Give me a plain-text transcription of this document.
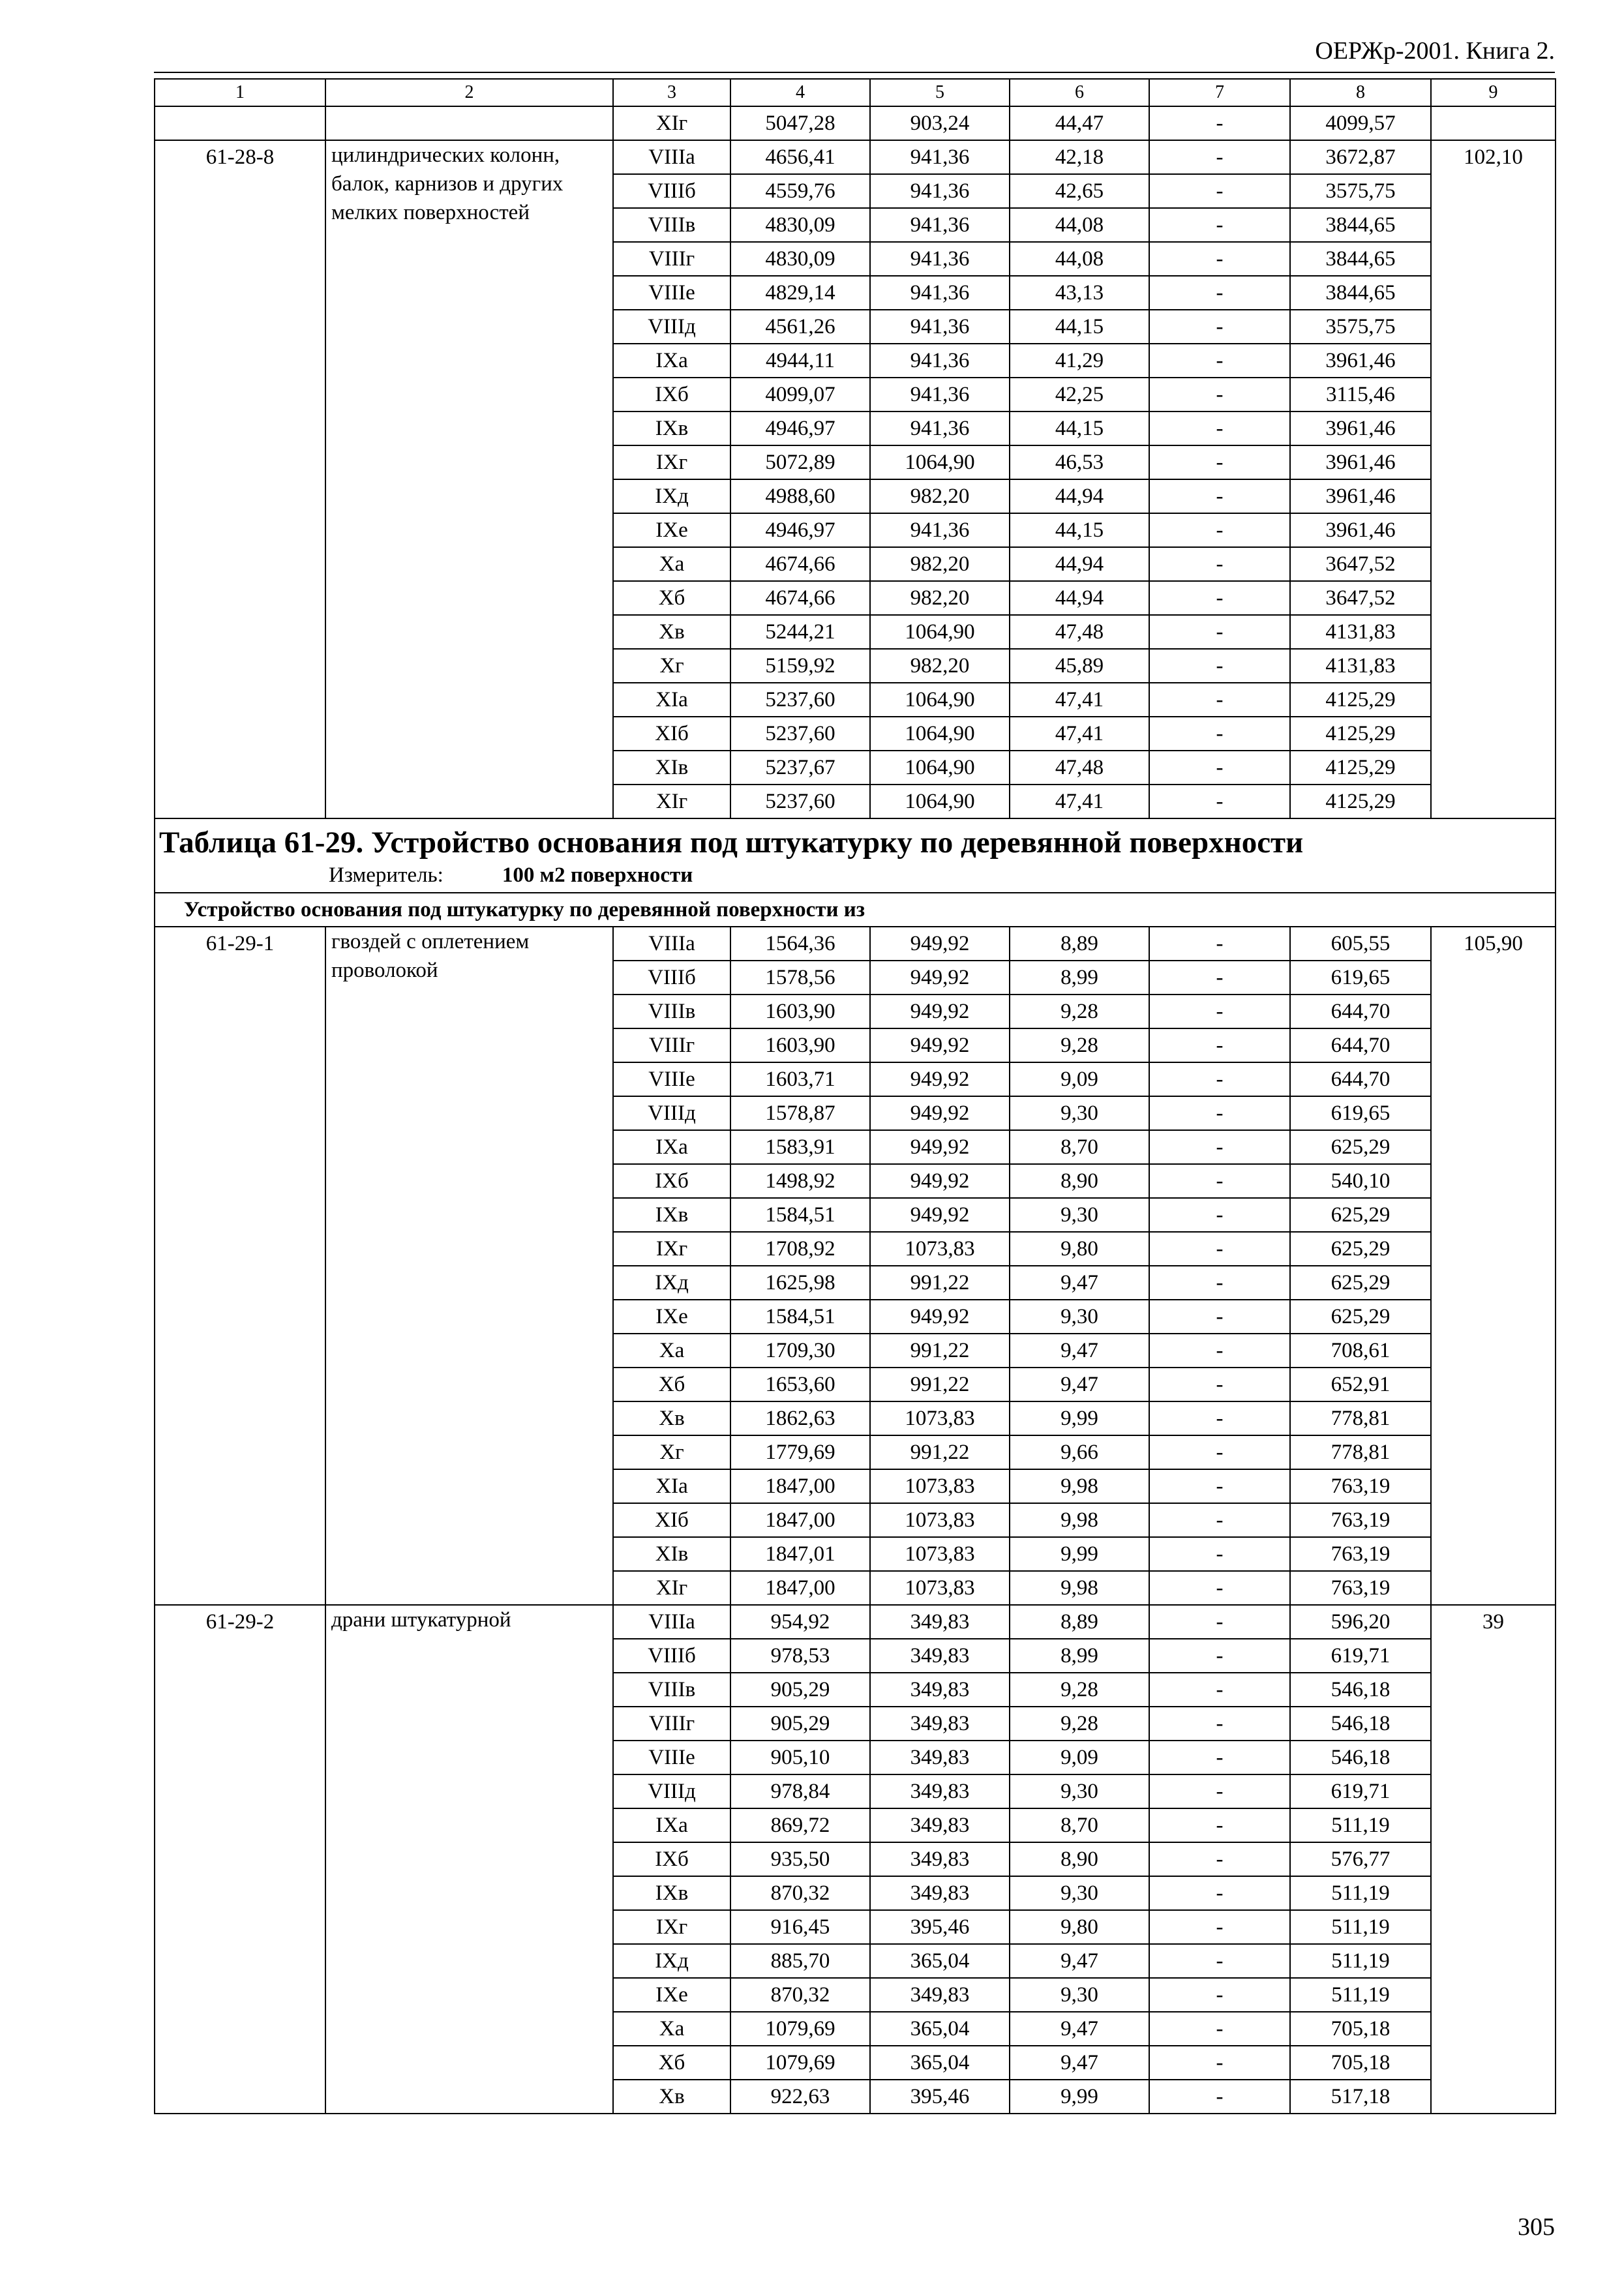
ОЕРЖр-2001. Книга 2.
1	2	3	4	5	6	7	8	9
		XIг	5047,28	903,24	44,47	-	4099,57	
61-28-8	цилиндрических колонн, балок, карнизов и других мелких поверхностей	VIIIа	4656,41	941,36	42,18	-	3672,87	102,10
		VIIIб	4559,76	941,36	42,65	-	3575,75	
		VIIIв	4830,09	941,36	44,08	-	3844,65	
		VIIIг	4830,09	941,36	44,08	-	3844,65	
		VIIIе	4829,14	941,36	43,13	-	3844,65	
		VIIIд	4561,26	941,36	44,15	-	3575,75	
		IXа	4944,11	941,36	41,29	-	3961,46	
		IXб	4099,07	941,36	42,25	-	3115,46	
		IXв	4946,97	941,36	44,15	-	3961,46	
		IXг	5072,89	1064,90	46,53	-	3961,46	
		IXд	4988,60	982,20	44,94	-	3961,46	
		IXе	4946,97	941,36	44,15	-	3961,46	
		Xа	4674,66	982,20	44,94	-	3647,52	
		Xб	4674,66	982,20	44,94	-	3647,52	
		Xв	5244,21	1064,90	47,48	-	4131,83	
		Xг	5159,92	982,20	45,89	-	4131,83	
		XIа	5237,60	1064,90	47,41	-	4125,29	
		XIб	5237,60	1064,90	47,41	-	4125,29	
		XIв	5237,67	1064,90	47,48	-	4125,29	
		XIг	5237,60	1064,90	47,41	-	4125,29	

Таблица 61-29. Устройство основания под штукатурку по деревянной поверхности
Измеритель: 100 м2 поверхности								

Устройство основания под штукатурку по деревянной поверхности из								
61-29-1	гвоздей с оплетением проволокой	VIIIа	1564,36	949,92	8,89	-	605,55	105,90
		VIIIб	1578,56	949,92	8,99	-	619,65	
		VIIIв	1603,90	949,92	9,28	-	644,70	
		VIIIг	1603,90	949,92	9,28	-	644,70	
		VIIIе	1603,71	949,92	9,09	-	644,70	
		VIIIд	1578,87	949,92	9,30	-	619,65	
		IXа	1583,91	949,92	8,70	-	625,29	
		IXб	1498,92	949,92	8,90	-	540,10	
		IXв	1584,51	949,92	9,30	-	625,29	
		IXг	1708,92	1073,83	9,80	-	625,29	
		IXд	1625,98	991,22	9,47	-	625,29	
		IXе	1584,51	949,92	9,30	-	625,29	
		Xа	1709,30	991,22	9,47	-	708,61	
		Xб	1653,60	991,22	9,47	-	652,91	
		Xв	1862,63	1073,83	9,99	-	778,81	
		Xг	1779,69	991,22	9,66	-	778,81	
		XIа	1847,00	1073,83	9,98	-	763,19	
		XIб	1847,00	1073,83	9,98	-	763,19	
		XIв	1847,01	1073,83	9,99	-	763,19	
		XIг	1847,00	1073,83	9,98	-	763,19	
61-29-2	драни штукатурной	VIIIа	954,92	349,83	8,89	-	596,20	39
		VIIIб	978,53	349,83	8,99	-	619,71	
		VIIIв	905,29	349,83	9,28	-	546,18	
		VIIIг	905,29	349,83	9,28	-	546,18	
		VIIIе	905,10	349,83	9,09	-	546,18	
		VIIIд	978,84	349,83	9,30	-	619,71	
		IXа	869,72	349,83	8,70	-	511,19	
		IXб	935,50	349,83	8,90	-	576,77	
		IXв	870,32	349,83	9,30	-	511,19	
		IXг	916,45	395,46	9,80	-	511,19	
		IXд	885,70	365,04	9,47	-	511,19	
		IXе	870,32	349,83	9,30	-	511,19	
		Xа	1079,69	365,04	9,47	-	705,18	
		Xб	1079,69	365,04	9,47	-	705,18	
		Xв	922,63	395,46	9,99	-	517,18	
305
